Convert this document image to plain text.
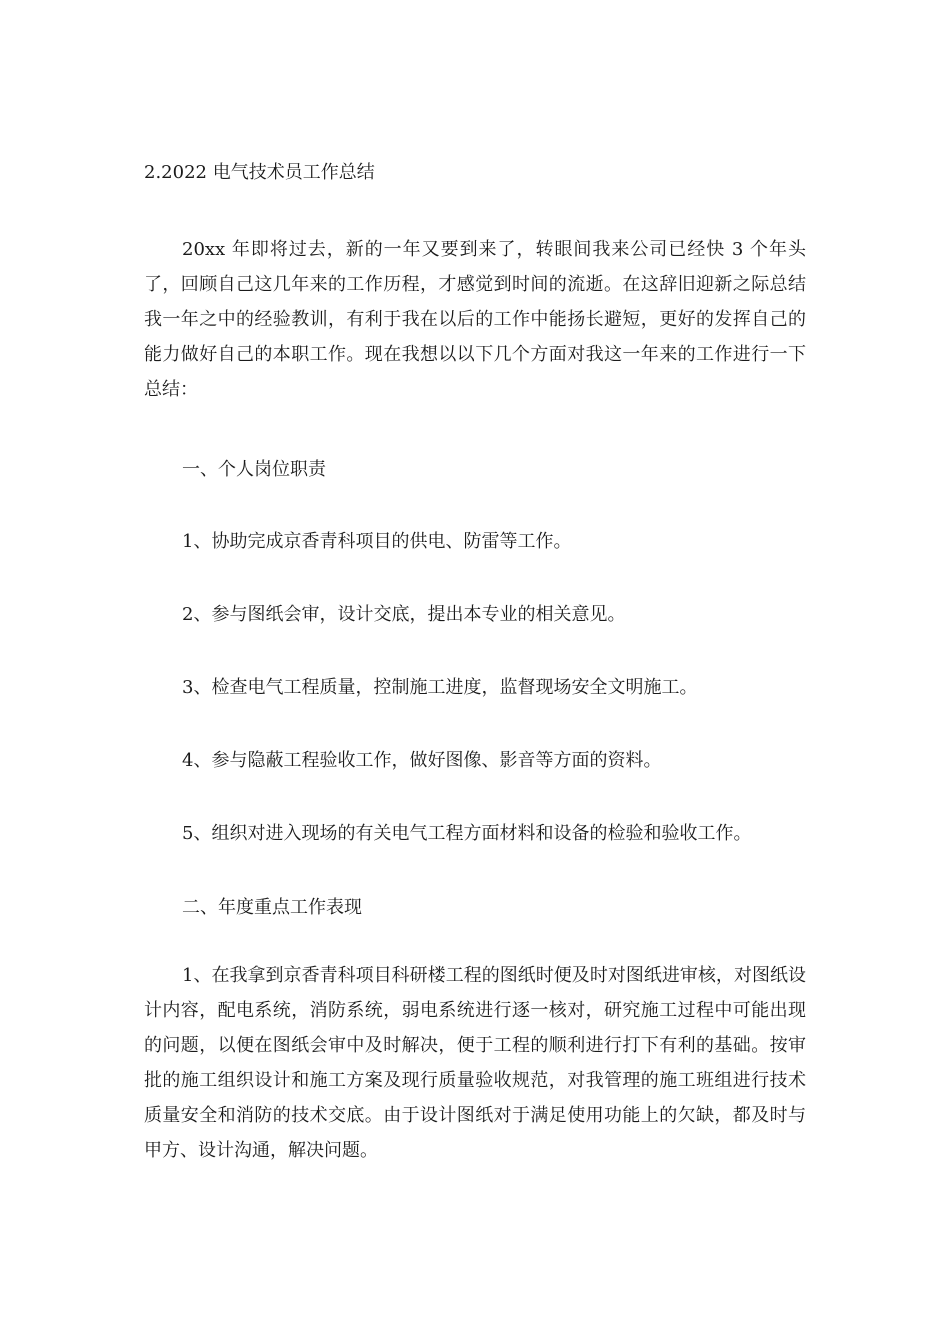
2.2022 电气技术员工作总结

20xx 年即将过去，新的一年又要到来了，转眼间我来公司已经快 3 个年头了，回顾自己这几年来的工作历程，才感觉到时间的流逝。在这辞旧迎新之际总结我一年之中的经验教训，有利于我在以后的工作中能扬长避短，更好的发挥自己的能力做好自己的本职工作。现在我想以以下几个方面对我这一年来的工作进行一下总结：

一、个人岗位职责
1、协助完成京香青科项目的供电、防雷等工作。
2、参与图纸会审，设计交底，提出本专业的相关意见。
3、检查电气工程质量，控制施工进度，监督现场安全文明施工。
4、参与隐蔽工程验收工作，做好图像、影音等方面的资料。
5、组织对进入现场的有关电气工程方面材料和设备的检验和验收工作。
二、年度重点工作表现

1、在我拿到京香青科项目科研楼工程的图纸时便及时对图纸进审核，对图纸设计内容，配电系统，消防系统，弱电系统进行逐一核对，研究施工过程中可能出现的问题，以便在图纸会审中及时解决，便于工程的顺利进行打下有利的基础。按审批的施工组织设计和施工方案及现行质量验收规范，对我管理的施工班组进行技术质量安全和消防的技术交底。由于设计图纸对于满足使用功能上的欠缺，都及时与甲方、设计沟通，解决问题。
